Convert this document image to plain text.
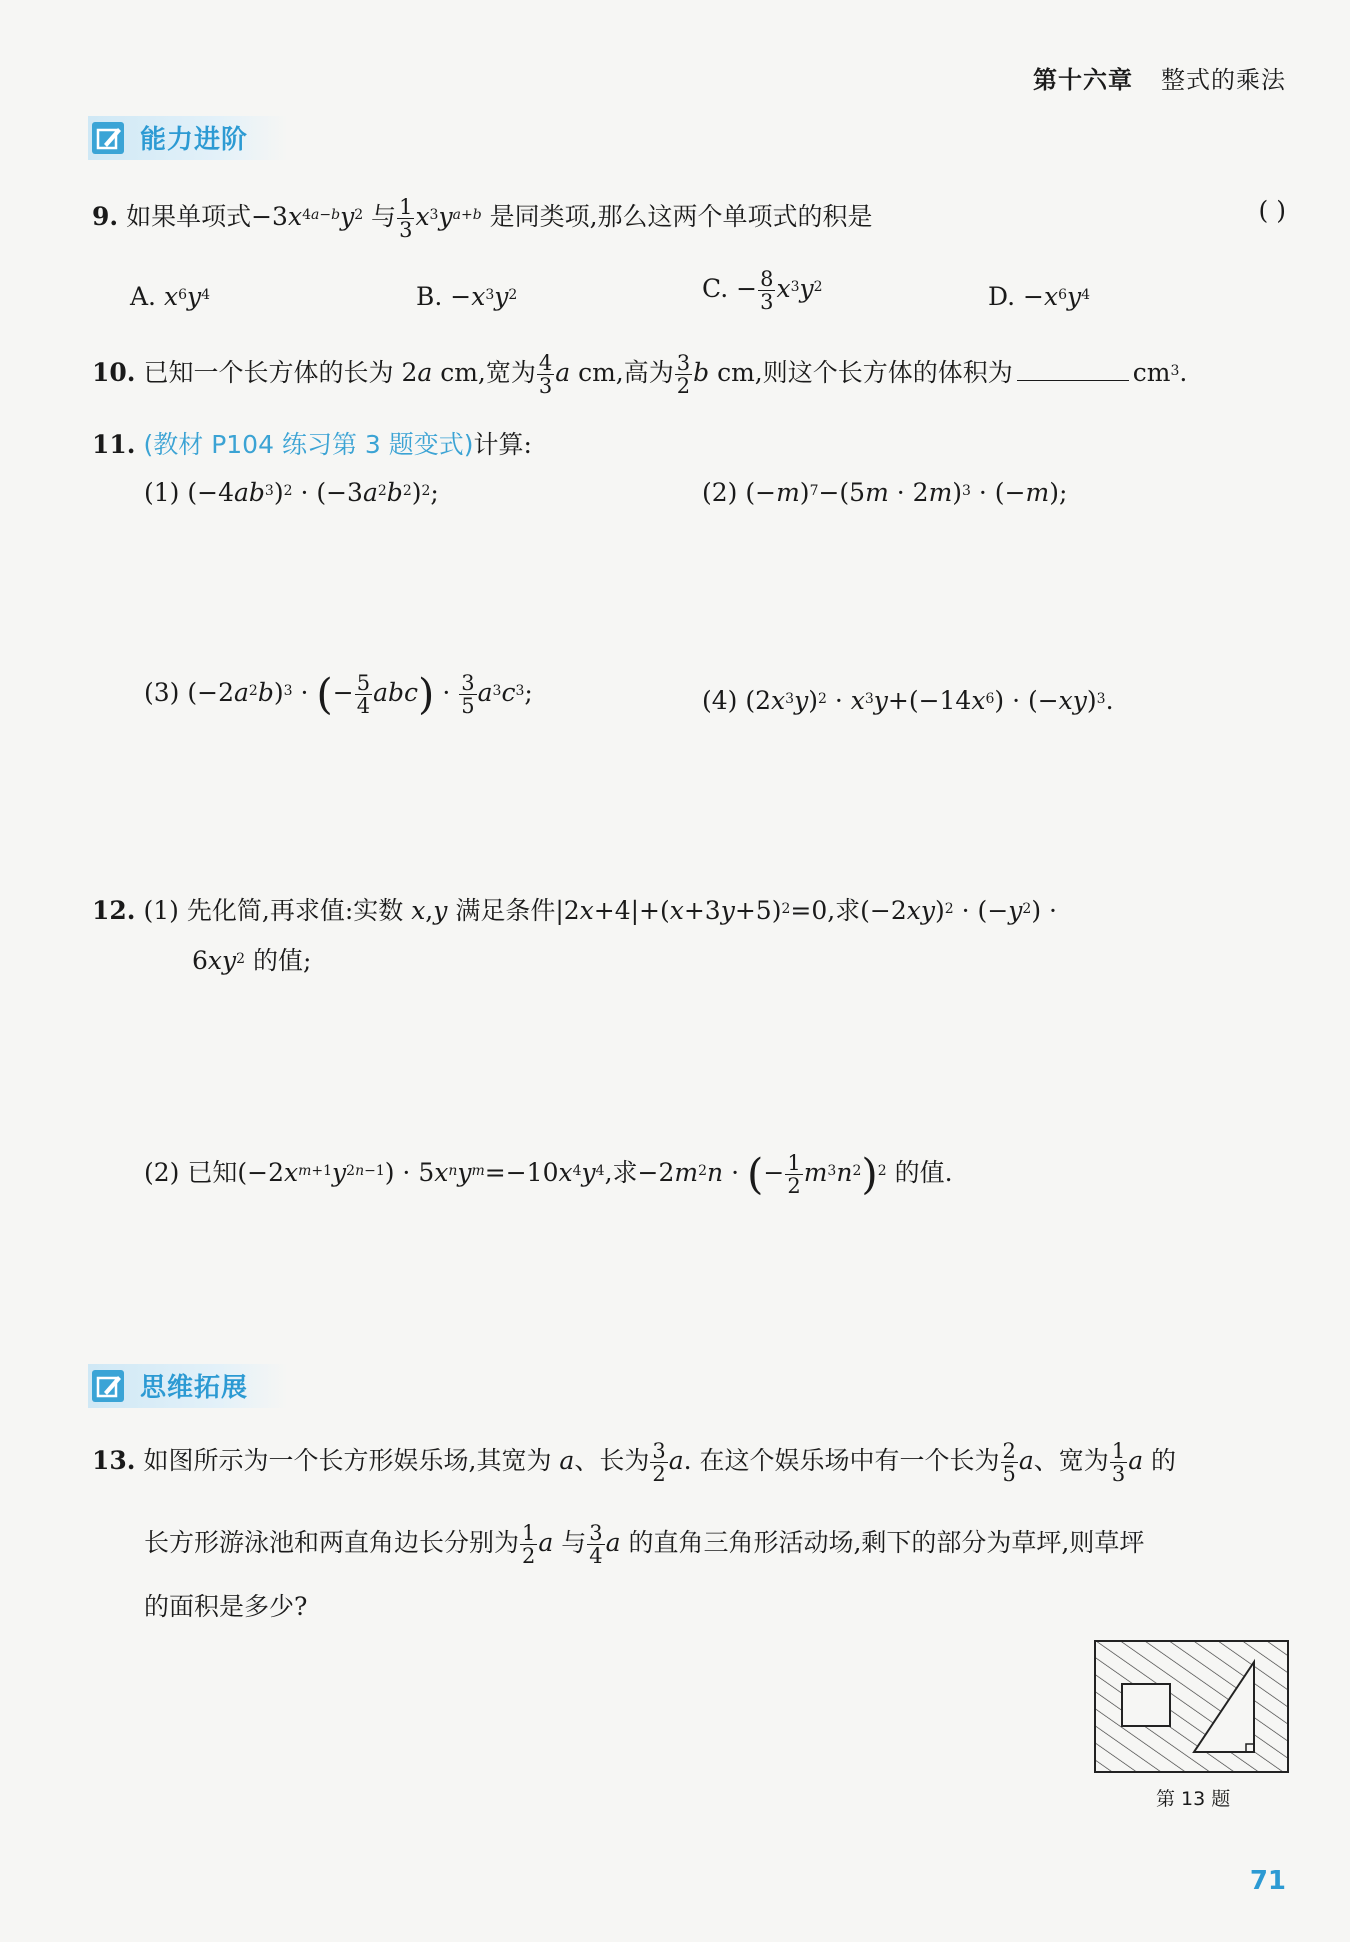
第十六章 整式的乘法
能力进阶
9. 如果单项式$-3x^{4a-b}y^2$ 与 $\frac{1}{3} x^3y^{a+b}$ 是同类项,那么这两个单项式的积是	( )
A. $x^6y^4$	B. $-x^3y^2$	C. − $\frac{8}{3} x^3y^2$	D. $-x^6y^4$
10. 已知一个长方体的长为 2a cm,宽为 $\frac{4}{3}$ a cm,高为 $\frac{3}{2}$ b cm,则这个长方体的体积为	$cm^3$.
11. (教材 P104 练习第 3 题变式)计算:
(1) $(-4ab^3)^2 \cdot (-3a^2b^2)^2$;	(2) $(-m)^7-(5m \cdot 2m)^3 \cdot (-m)$;
(3) $(-2a^2b)^3$ · (− $\frac{5}{4} abc) \cdot \frac{3}{5} a^3c^3$;	(4) $(2x^3y)^2 \cdot x^3y+(-14x^6) \cdot (-xy)^3$.
12. (1) 先化简,再求值:实数 x,y 满足条件$|2x+4|+(x+3y+5)^2=0$,求$(-2xy)^2 \cdot (-y^2)$ ·
$6xy^2$ 的值;
(2) 已知$(-2x^{m+1}y^{2n-1}) \cdot 5x^ny^m=-10x^4y^4$,求$-2m^2n$ · (− $\frac{1}{2} m^3n^2)^2$ 的值.
思维拓展
13. 如图所示为一个长方形娱乐场,其宽为 a、长为 $\frac{3}{2} a$. 在这个娱乐场中有一个长为 $\frac{2}{5}$ a、宽为 $\frac{1}{3}$ a 的
长方形游泳池和两直角边长分别为 $\frac{1}{2}$ a 与 $\frac{3}{4}$ a 的直角三角形活动场,剩下的部分为草坪,则草坪
的面积是多少?
第 13 题
71
